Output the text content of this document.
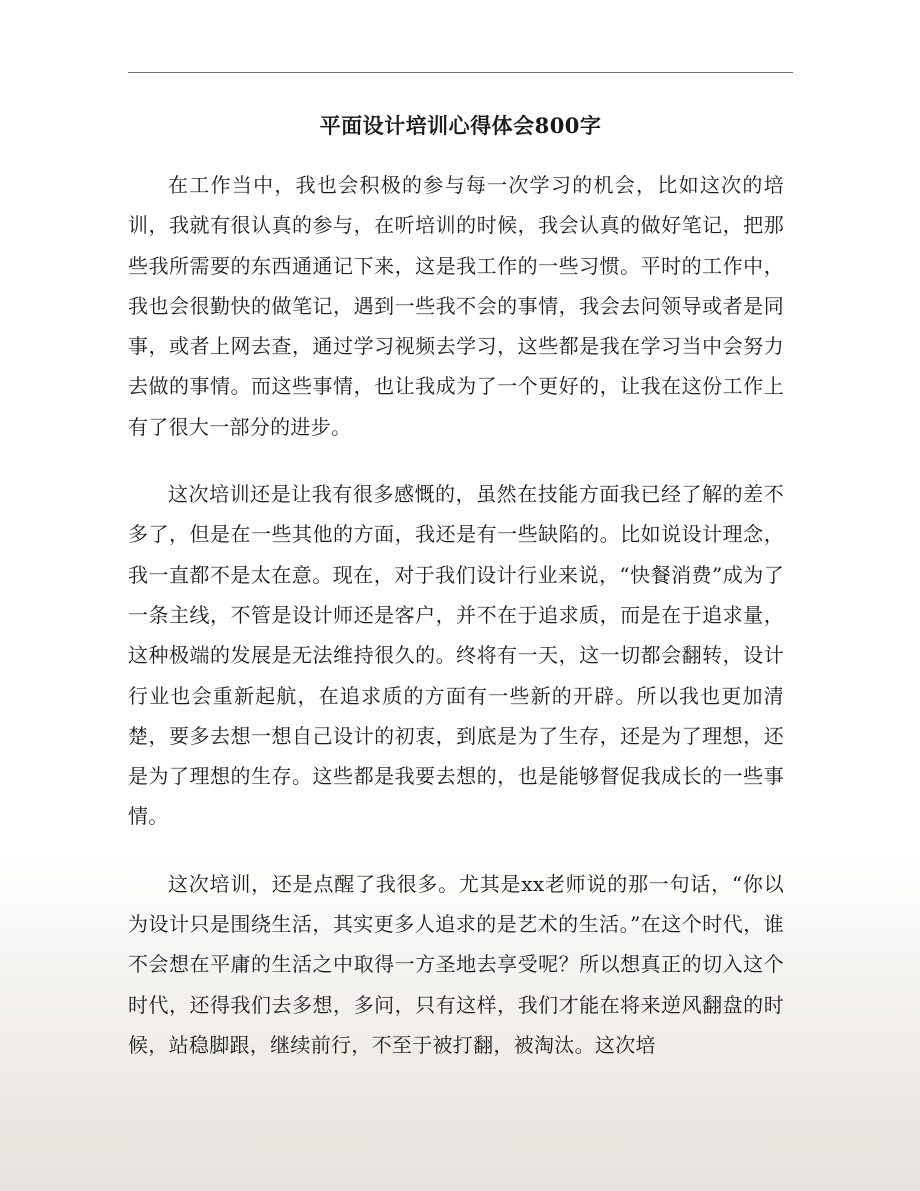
平面设计培训心得体会800字

在工作当中，我也会积极的参与每一次学习的机会，比如这次的培训，我就有很认真的参与，在听培训的时候，我会认真的做好笔记，把那些我所需要的东西通通记下来，这是我工作的一些习惯。平时的工作中，我也会很勤快的做笔记，遇到一些我不会的事情，我会去问领导或者是同事，或者上网去查，通过学习视频去学习，这些都是我在学习当中会努力去做的事情。而这些事情，也让我成为了一个更好的，让我在这份工作上有了很大一部分的进步。

这次培训还是让我有很多感慨的，虽然在技能方面我已经了解的差不多了，但是在一些其他的方面，我还是有一些缺陷的。比如说设计理念，我一直都不是太在意。现在，对于我们设计行业来说，“快餐消费”成为了一条主线，不管是设计师还是客户，并不在于追求质，而是在于追求量，这种极端的发展是无法维持很久的。终将有一天，这一切都会翻转，设计行业也会重新起航，在追求质的方面有一些新的开辟。所以我也更加清楚，要多去想一想自己设计的初衷，到底是为了生存，还是为了理想，还是为了理想的生存。这些都是我要去想的，也是能够督促我成长的一些事情。

这次培训，还是点醒了我很多。尤其是xx老师说的那一句话，“你以为设计只是围绕生活，其实更多人追求的是艺术的生活。”在这个时代，谁不会想在平庸的生活之中取得一方圣地去享受呢？所以想真正的切入这个时代，还得我们去多想，多问，只有这样，我们才能在将来逆风翻盘的时候，站稳脚跟，继续前行，不至于被打翻，被淘汰。这次培
